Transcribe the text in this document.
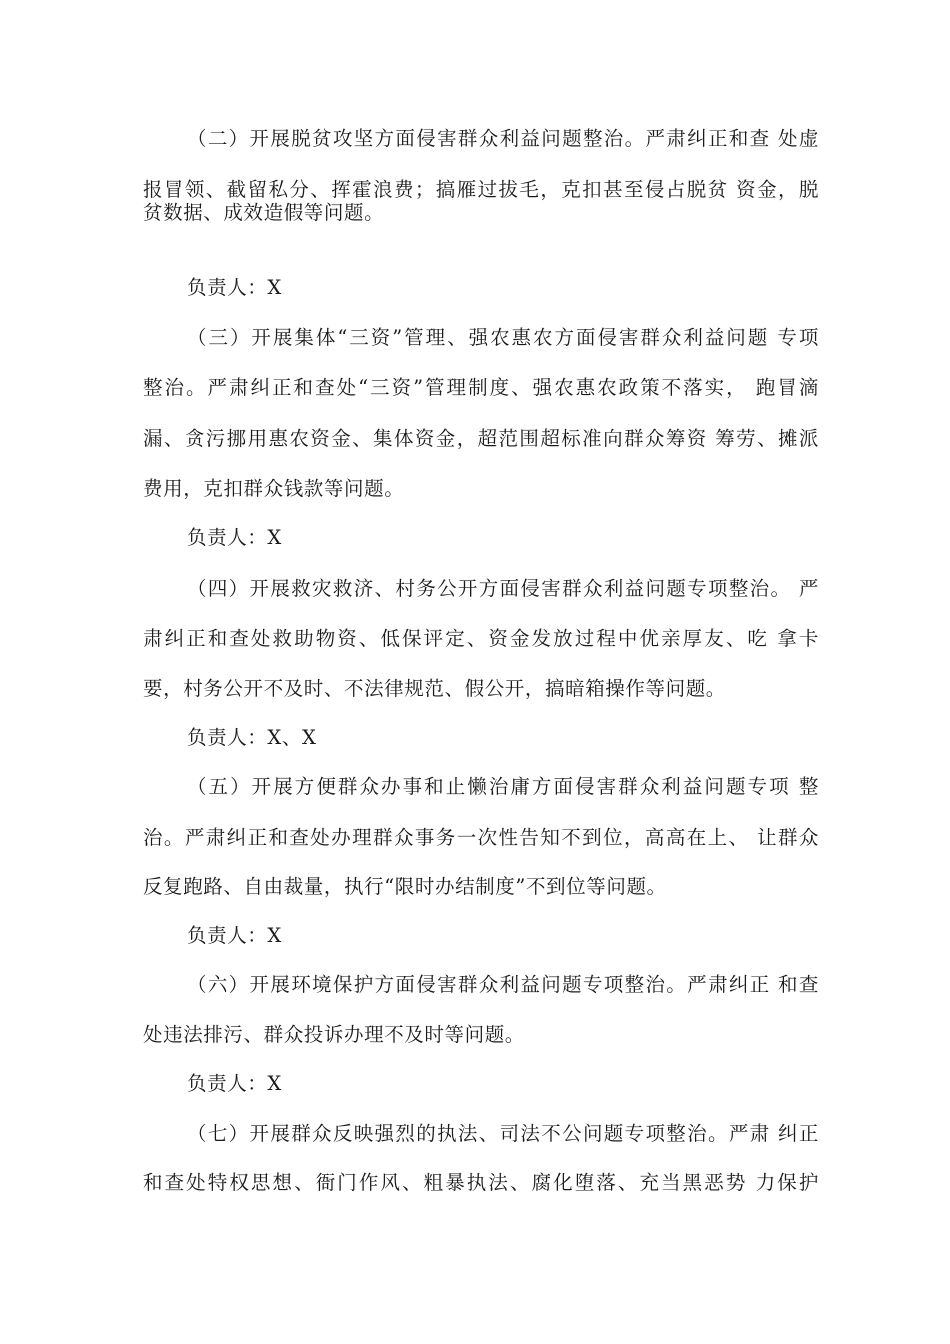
（二）开展脱贫攻坚方面侵害群众利益问题整治。严肃纠正和查 处虚
报冒领、截留私分、挥霍浪费；搞雁过拔毛，克扣甚至侵占脱贫 资金，脱
贫数据、成效造假等问题。
负责人：X
（三）开展集体“三资”管理、强农惠农方面侵害群众利益问题 专项
整治。严肃纠正和查处“三资”管理制度、强农惠农政策不落实， 跑冒滴
漏、贪污挪用惠农资金、集体资金，超范围超标准向群众筹资 筹劳、摊派
费用，克扣群众钱款等问题。
负责人：X
（四）开展救灾救济、村务公开方面侵害群众利益问题专项整治。 严
肃纠正和查处救助物资、低保评定、资金发放过程中优亲厚友、吃 拿卡
要，村务公开不及时、不法律规范、假公开，搞暗箱操作等问题。
负责人：X、X
（五）开展方便群众办事和止懒治庸方面侵害群众利益问题专项 整
治。严肃纠正和查处办理群众事务一次性告知不到位，高高在上、 让群众
反复跑路、自由裁量，执行“限时办结制度”不到位等问题。
负责人：X
（六）开展环境保护方面侵害群众利益问题专项整治。严肃纠正 和查
处违法排污、群众投诉办理不及时等问题。
负责人：X
（七）开展群众反映强烈的执法、司法不公问题专项整治。严肃 纠正
和查处特权思想、衙门作风、粗暴执法、腐化堕落、充当黑恶势 力保护
